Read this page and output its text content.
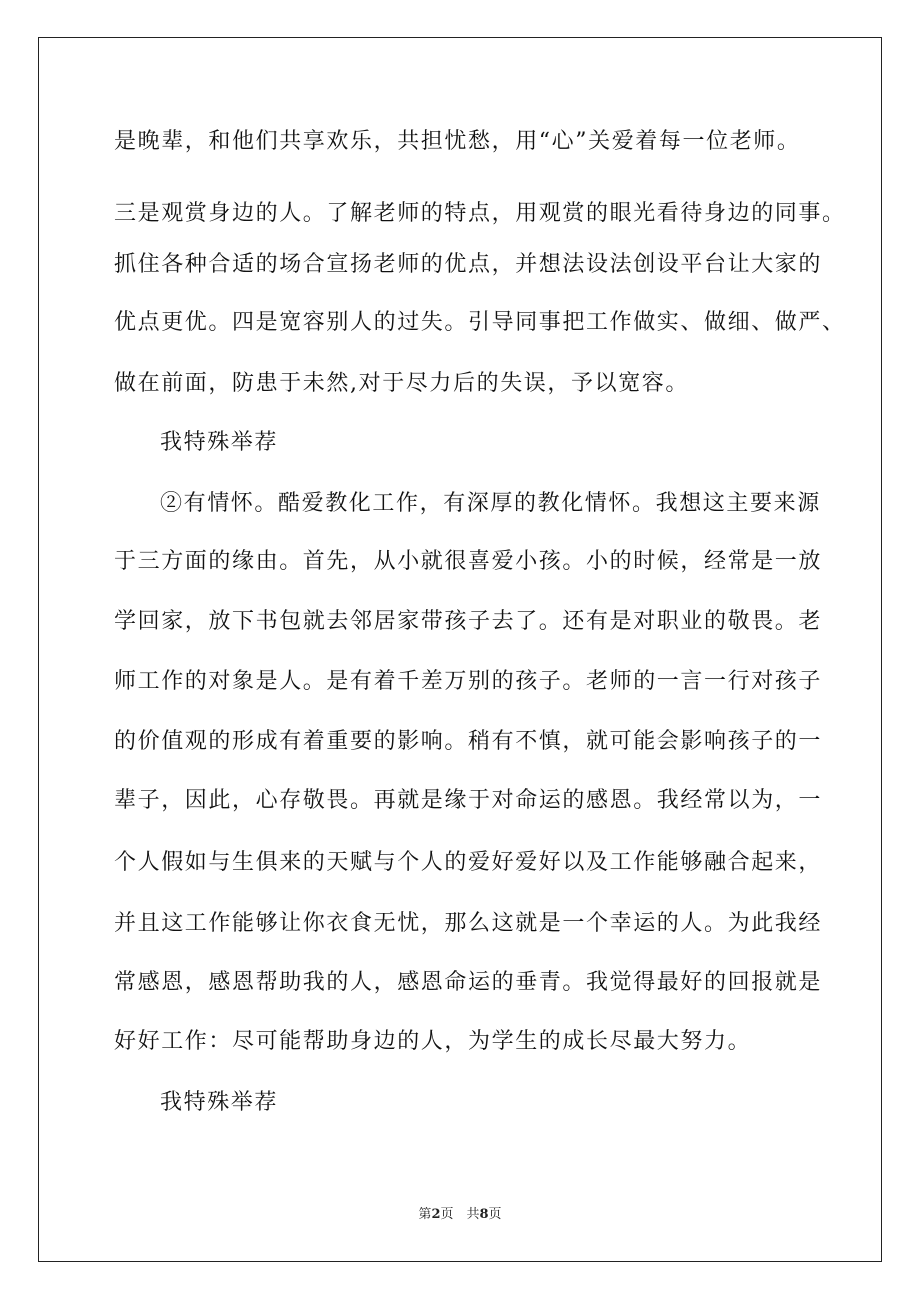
是晚辈，和他们共享欢乐，共担忧愁，用“心”关爱着每一位老师。
三是观赏身边的人。了解老师的特点，用观赏的眼光看待身边的同事。
抓住各种合适的场合宣扬老师的优点，并想法设法创设平台让大家的
优点更优。四是宽容别人的过失。引导同事把工作做实、做细、做严、
做在前面，防患于未然,对于尽力后的失误，予以宽容。
我特殊举荐
②有情怀。酷爱教化工作，有深厚的教化情怀。我想这主要来源
于三方面的缘由。首先，从小就很喜爱小孩。小的时候，经常是一放
学回家，放下书包就去邻居家带孩子去了。还有是对职业的敬畏。老
师工作的对象是人。是有着千差万别的孩子。老师的一言一行对孩子
的价值观的形成有着重要的影响。稍有不慎，就可能会影响孩子的一
辈子，因此，心存敬畏。再就是缘于对命运的感恩。我经常以为，一
个人假如与生俱来的天赋与个人的爱好爱好以及工作能够融合起来，
并且这工作能够让你衣食无忧，那么这就是一个幸运的人。为此我经
常感恩，感恩帮助我的人，感恩命运的垂青。我觉得最好的回报就是
好好工作：尽可能帮助身边的人，为学生的成长尽最大努力。
我特殊举荐
第2页　共8页
